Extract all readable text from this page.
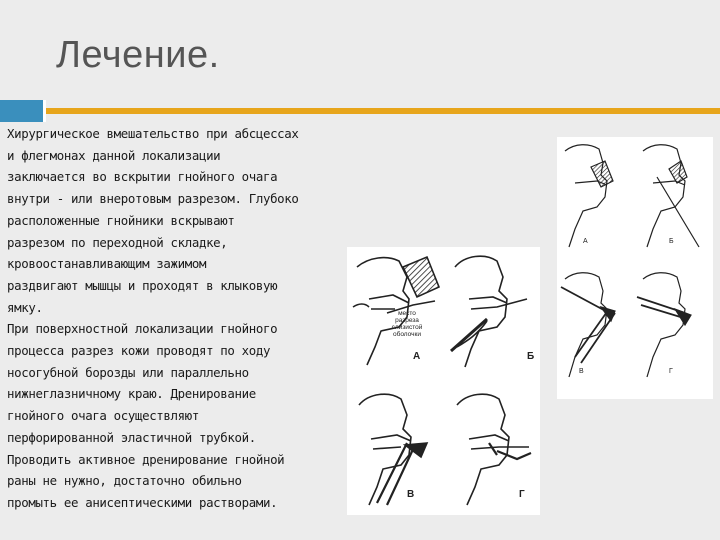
Лечение.
Хирургическое вмешательство при абсцессах
и флегмонах данной локализации
заключается во вскрытии гнойного очага
внутри - или внеротовым разрезом. Глубоко
расположенные гнойники вскрывают
разрезом по переходной складке,
кровоостанавливающим зажимом
раздвигают мышцы и проходят в клыковую
ямку.
При поверхностной локализации гнойного
процесса разрез кожи проводят по ходу
носогубной борозды или параллельно
нижнеглазничному краю. Дренирование
гнойного очага осуществляют
перфорированной эластичной трубкой.
Проводить активное дренирование гнойной
раны не нужно, достаточно обильно
промыть ее анисептическими растворами.
место
разреза
слизистой
оболочки
А	Б
В	Г
А	Б
В	Г
